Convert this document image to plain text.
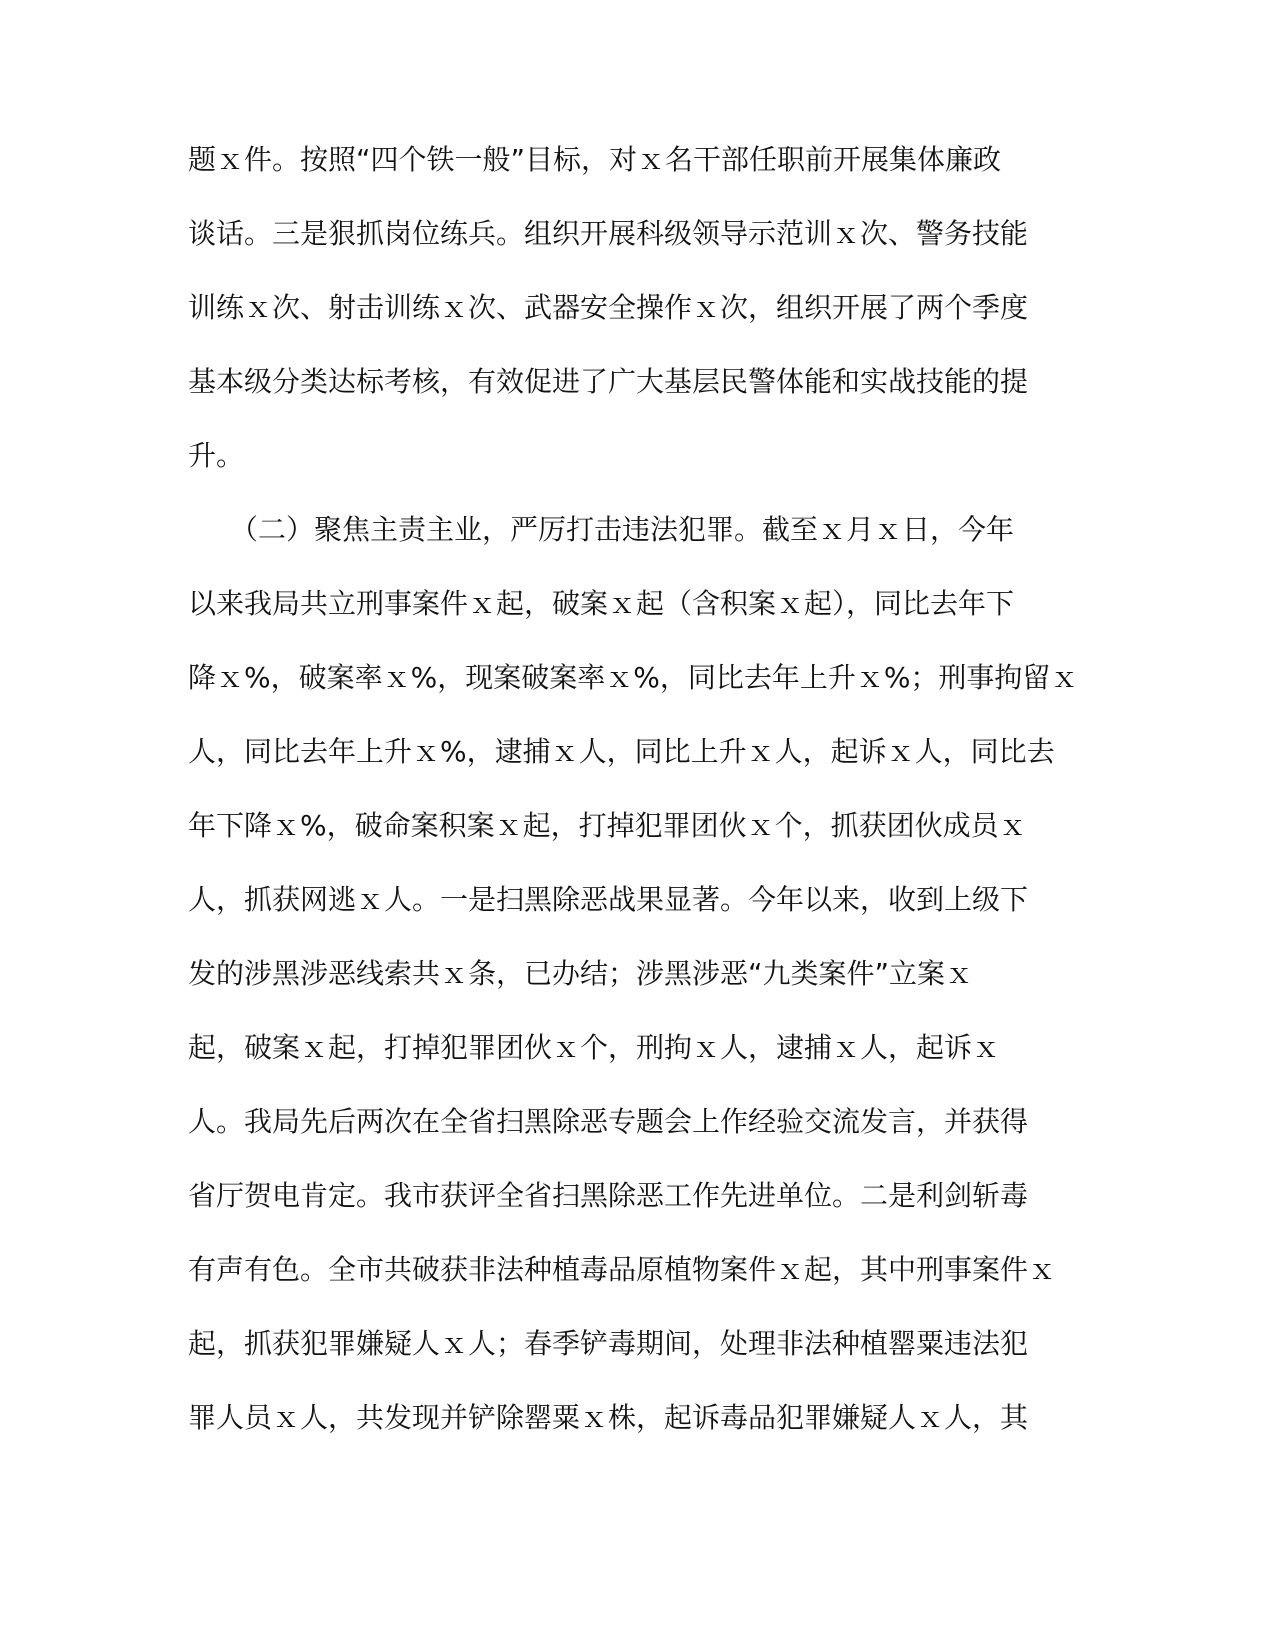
题ｘ件。按照“四个铁一般”目标，对ｘ名干部任职前开展集体廉政
谈话。三是狠抓岗位练兵。组织开展科级领导示范训ｘ次、警务技能
训练ｘ次、射击训练ｘ次、武器安全操作ｘ次，组织开展了两个季度
基本级分类达标考核，有效促进了广大基层民警体能和实战技能的提
升。
　　（二）聚焦主责主业，严厉打击违法犯罪。截至ｘ月ｘ日，今年
以来我局共立刑事案件ｘ起，破案ｘ起（含积案ｘ起），同比去年下
降ｘ%，破案率ｘ%，现案破案率ｘ%，同比去年上升ｘ%；刑事拘留ｘ
人，同比去年上升ｘ%，逮捕ｘ人，同比上升ｘ人，起诉ｘ人，同比去
年下降ｘ%，破命案积案ｘ起，打掉犯罪团伙ｘ个，抓获团伙成员ｘ
人，抓获网逃ｘ人。一是扫黑除恶战果显著。今年以来，收到上级下
发的涉黑涉恶线索共ｘ条，已办结；涉黑涉恶“九类案件”立案ｘ
起，破案ｘ起，打掉犯罪团伙ｘ个，刑拘ｘ人，逮捕ｘ人，起诉ｘ
人。我局先后两次在全省扫黑除恶专题会上作经验交流发言，并获得
省厅贺电肯定。我市获评全省扫黑除恶工作先进单位。二是利剑斩毒
有声有色。全市共破获非法种植毒品原植物案件ｘ起，其中刑事案件ｘ
起，抓获犯罪嫌疑人ｘ人；春季铲毒期间，处理非法种植罂粟违法犯
罪人员ｘ人，共发现并铲除罂粟ｘ株，起诉毒品犯罪嫌疑人ｘ人，其
